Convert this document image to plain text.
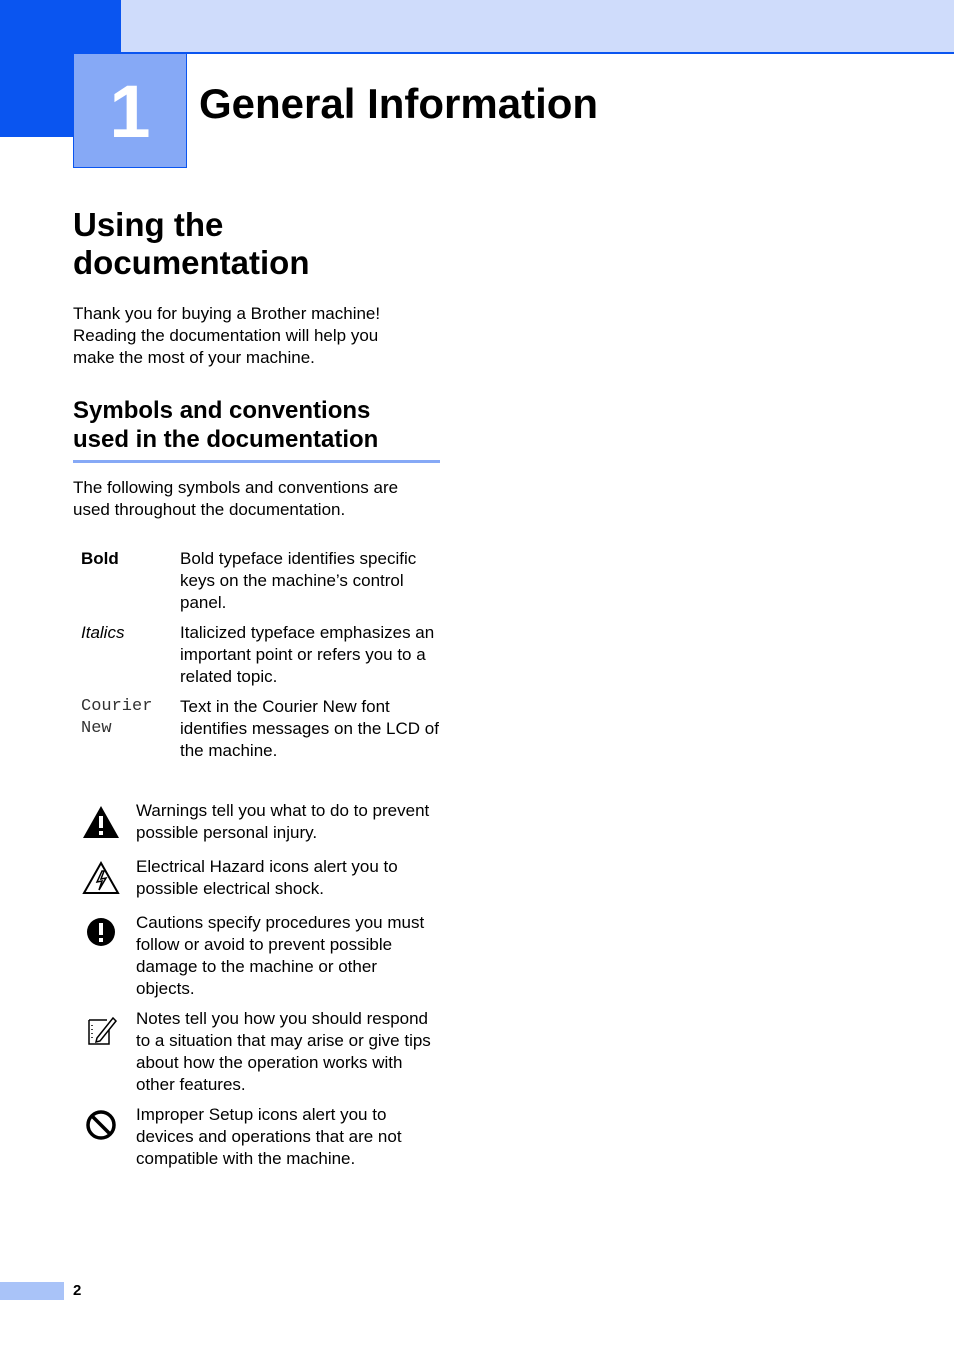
1	General Information
Using the
documentation

Thank you for buying a Brother machine!
Reading the documentation will help you
make the most of your machine.

Symbols and conventions
used in the documentation

The following symbols and conventions are
used throughout the documentation.

Bold	Bold typeface identifies specific keys on the machine’s control panel.
Italics	Italicized typeface emphasizes an important point or refers you to a related topic.
Courier New	Text in the Courier New font identifies messages on the LCD of the machine.
Warnings tell you what to do to prevent possible personal injury.
Electrical Hazard icons alert you to possible electrical shock.
Cautions specify procedures you must follow or avoid to prevent possible damage to the machine or other objects.
Notes tell you how you should respond to a situation that may arise or give tips about how the operation works with other features.
Improper Setup icons alert you to devices and operations that are not compatible with the machine.
2
